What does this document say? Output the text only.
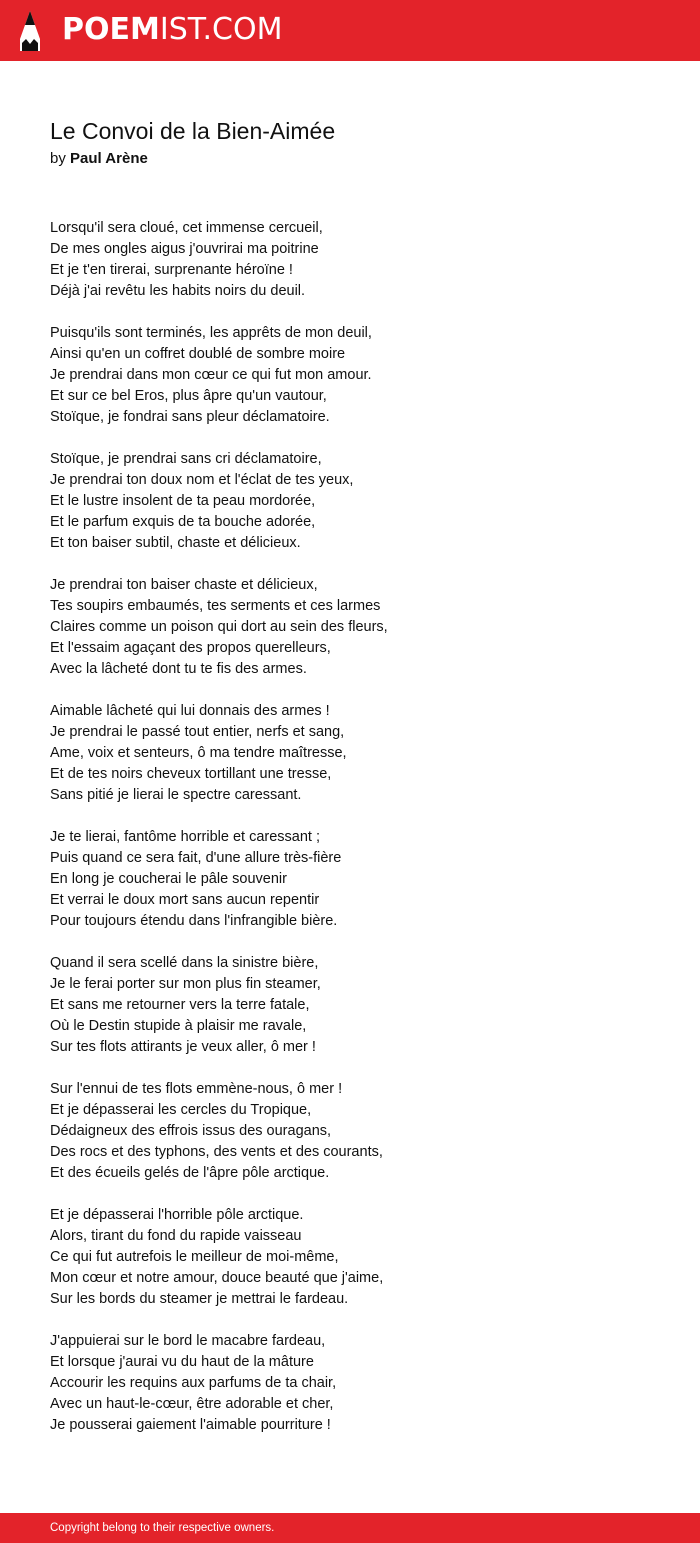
POEMIST.COM
Le Convoi de la Bien-Aimée
by Paul Arène
Lorsqu'il sera cloué, cet immense cercueil,
De mes ongles aigus j'ouvrirai ma poitrine
Et je t'en tirerai, surprenante héroïne !
Déjà j'ai revêtu les habits noirs du deuil.
Puisqu'ils sont terminés, les apprêts de mon deuil,
Ainsi qu'en un coffret doublé de sombre moire
Je prendrai dans mon cœur ce qui fut mon amour.
Et sur ce bel Eros, plus âpre qu'un vautour,
Stoïque, je fondrai sans pleur déclamatoire.
Stoïque, je prendrai sans cri déclamatoire,
Je prendrai ton doux nom et l'éclat de tes yeux,
Et le lustre insolent de ta peau mordorée,
Et le parfum exquis de ta bouche adorée,
Et ton baiser subtil, chaste et délicieux.
Je prendrai ton baiser chaste et délicieux,
Tes soupirs embaumés, tes serments et ces larmes
Claires comme un poison qui dort au sein des fleurs,
Et l'essaim agaçant des propos querelleurs,
Avec la lâcheté dont tu te fis des armes.
Aimable lâcheté qui lui donnais des armes !
Je prendrai le passé tout entier, nerfs et sang,
Ame, voix et senteurs, ô ma tendre maîtresse,
Et de tes noirs cheveux tortillant une tresse,
Sans pitié je lierai le spectre caressant.
Je te lierai, fantôme horrible et caressant ;
Puis quand ce sera fait, d'une allure très-fière
En long je coucherai le pâle souvenir
Et verrai le doux mort sans aucun repentir
Pour toujours étendu dans l'infrangible bière.
Quand il sera scellé dans la sinistre bière,
Je le ferai porter sur mon plus fin steamer,
Et sans me retourner vers la terre fatale,
Où le Destin stupide à plaisir me ravale,
Sur tes flots attirants je veux aller, ô mer !
Sur l'ennui de tes flots emmène-nous, ô mer !
Et je dépasserai les cercles du Tropique,
Dédaigneux des effrois issus des ouragans,
Des rocs et des typhons, des vents et des courants,
Et des écueils gelés de l'âpre pôle arctique.
Et je dépasserai l'horrible pôle arctique.
Alors, tirant du fond du rapide vaisseau
Ce qui fut autrefois le meilleur de moi-même,
Mon cœur et notre amour, douce beauté que j'aime,
Sur les bords du steamer je mettrai le fardeau.
J'appuierai sur le bord le macabre fardeau,
Et lorsque j'aurai vu du haut de la mâture
Accourir les requins aux parfums de ta chair,
Avec un haut-le-cœur, être adorable et cher,
Je pousserai gaiement l'aimable pourriture !
Copyright belong to their respective owners.
